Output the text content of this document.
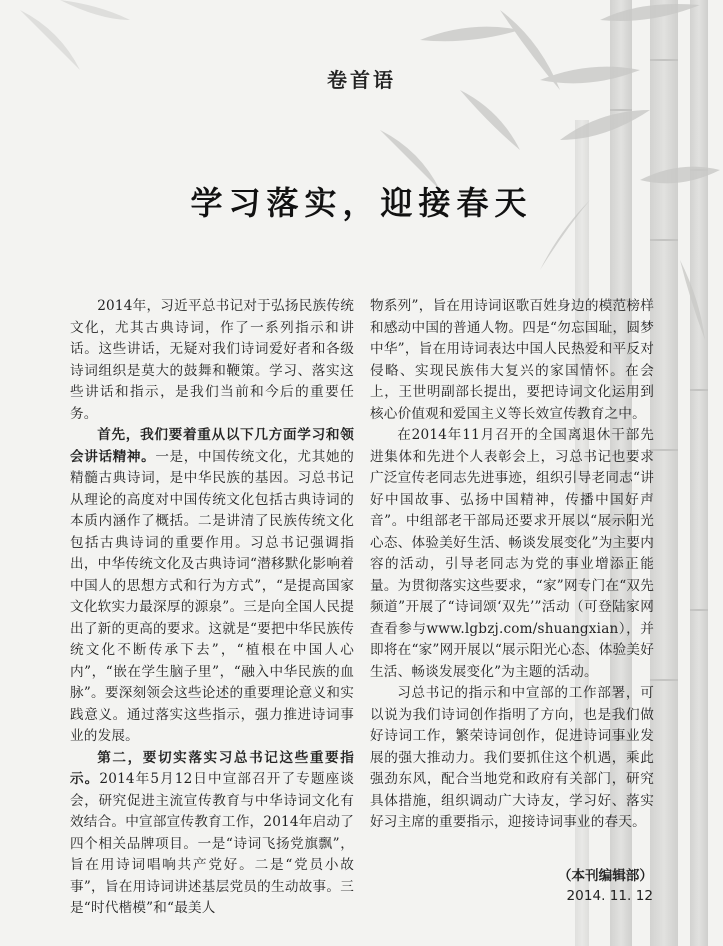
卷首语
学习落实，迎接春天

2014年，习近平总书记对于弘扬民族传统文化，尤其古典诗词，作了一系列指示和讲话。这些讲话，无疑对我们诗词爱好者和各级诗词组织是莫大的鼓舞和鞭策。学习、落实这些讲话和指示，是我们当前和今后的重要任务。

首先，我们要着重从以下几方面学习和领会讲话精神。一是，中国传统文化，尤其她的精髓古典诗词，是中华民族的基因。习总书记从理论的高度对中国传统文化包括古典诗词的本质内涵作了概括。二是讲清了民族传统文化包括古典诗词的重要作用。习总书记强调指出，中华传统文化及古典诗词“潜移默化影响着中国人的思想方式和行为方式”，“是提高国家文化软实力最深厚的源泉”。三是向全国人民提出了新的更高的要求。这就是“要把中华民族传统文化不断传承下去”，“植根在中国人心内”，“嵌在学生脑子里”，“融入中华民族的血脉”。要深刻领会这些论述的重要理论意义和实践意义。通过落实这些指示，强力推进诗词事业的发展。

第二，要切实落实习总书记这些重要指示。2014年5月12日中宣部召开了专题座谈会，研究促进主流宣传教育与中华诗词文化有效结合。中宣部宣传教育工作，2014年启动了四个相关品牌项目。一是“诗词飞扬党旗飘”，旨在用诗词唱响共产党好。二是“党员小故事”，旨在用诗词讲述基层党员的生动故事。三是“时代楷模”和“最美人

物系列”，旨在用诗词讴歌百姓身边的模范榜样和感动中国的普通人物。四是“勿忘国耻，圆梦中华”，旨在用诗词表达中国人民热爱和平反对侵略、实现民族伟大复兴的家国情怀。在会上，王世明副部长提出，要把诗词文化运用到核心价值观和爱国主义等长效宣传教育之中。

在2014年11月召开的全国离退休干部先进集体和先进个人表彰会上，习总书记也要求广泛宣传老同志先进事迹，组织引导老同志“讲好中国故事、弘扬中国精神，传播中国好声音”。中组部老干部局还要求开展以“展示阳光心态、体验美好生活、畅谈发展变化”为主要内容的活动，引导老同志为党的事业增添正能量。为贯彻落实这些要求，“家”网专门在“双先频道”开展了“诗词颂‘双先’”活动（可登陆家网查看参与www.lgbzj.com/shuangxian），并即将在“家”网开展以“展示阳光心态、体验美好生活、畅谈发展变化”为主题的活动。

习总书记的指示和中宣部的工作部署，可以说为我们诗词创作指明了方向，也是我们做好诗词工作，繁荣诗词创作，促进诗词事业发展的强大推动力。我们要抓住这个机遇，乘此强劲东风，配合当地党和政府有关部门，研究具体措施，组织调动广大诗友，学习好、落实好习主席的重要指示，迎接诗词事业的春天。

（本刊编辑部）
2014. 11. 12
